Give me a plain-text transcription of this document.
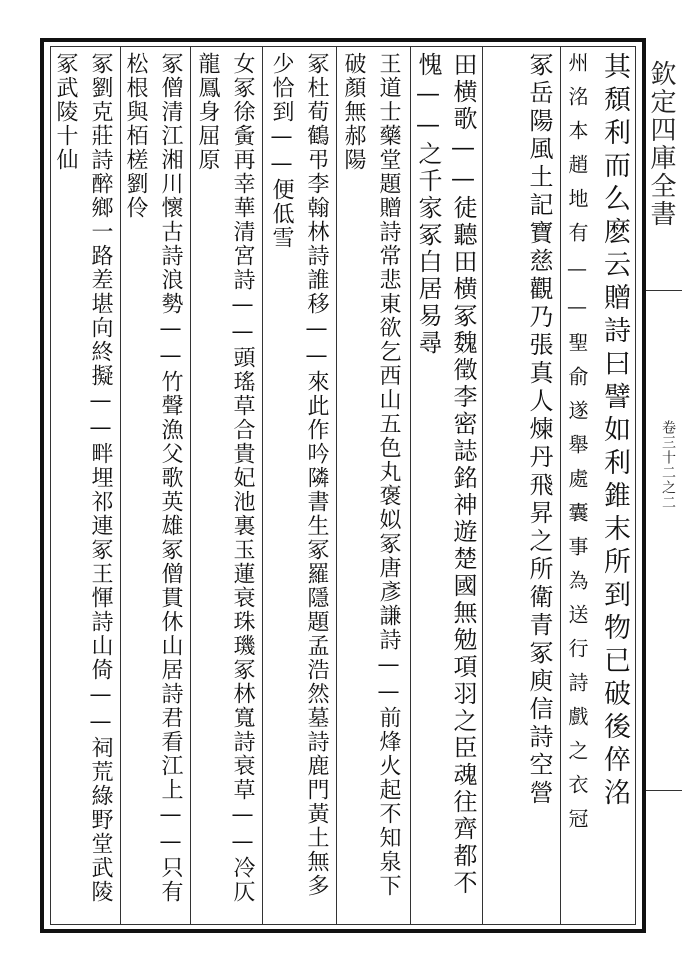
其頹利而么麽云贈詩曰譬如利錐末所到物已破後倅洺
州洺本趙地有——聖俞遂舉處囊事為送行詩戲之衣冠
冢岳陽風土記寶慈觀乃張真人煉丹飛昇之所衛青冢庾信詩空營
田横歌——徒聽田横冢魏徵李密誌銘神遊楚國無勉項羽之臣魂往齊都不愧——之千家冢白居易尋
王道士藥堂題贈詩常悲東欲乞西山五色丸褒姒冢唐彥謙詩——前烽火起不知泉下破顏無郝陽
冢杜荀鶴弔李翰林詩誰移——來此作吟隣書生冢羅隱題孟浩然墓詩鹿門黃土無多少恰到——便低雪
女冢徐夤再幸華清宮詩——頭瑤草合貴妃池裏玉蓮衰珠璣冢林寬詩衰草——冷仄龍鳳身屈原
冢僧清江湘川懷古詩浪勢——竹聲漁父歌英雄冢僧貫休山居詩君看江上——只有松根與栢槎劉伶
冢劉克莊詩醉鄉一路差堪向終擬——畔埋祁連冢王惲詩山倚——祠荒綠野堂武陵冢武陵十仙	欽定四庫全書
卷三十二之二
